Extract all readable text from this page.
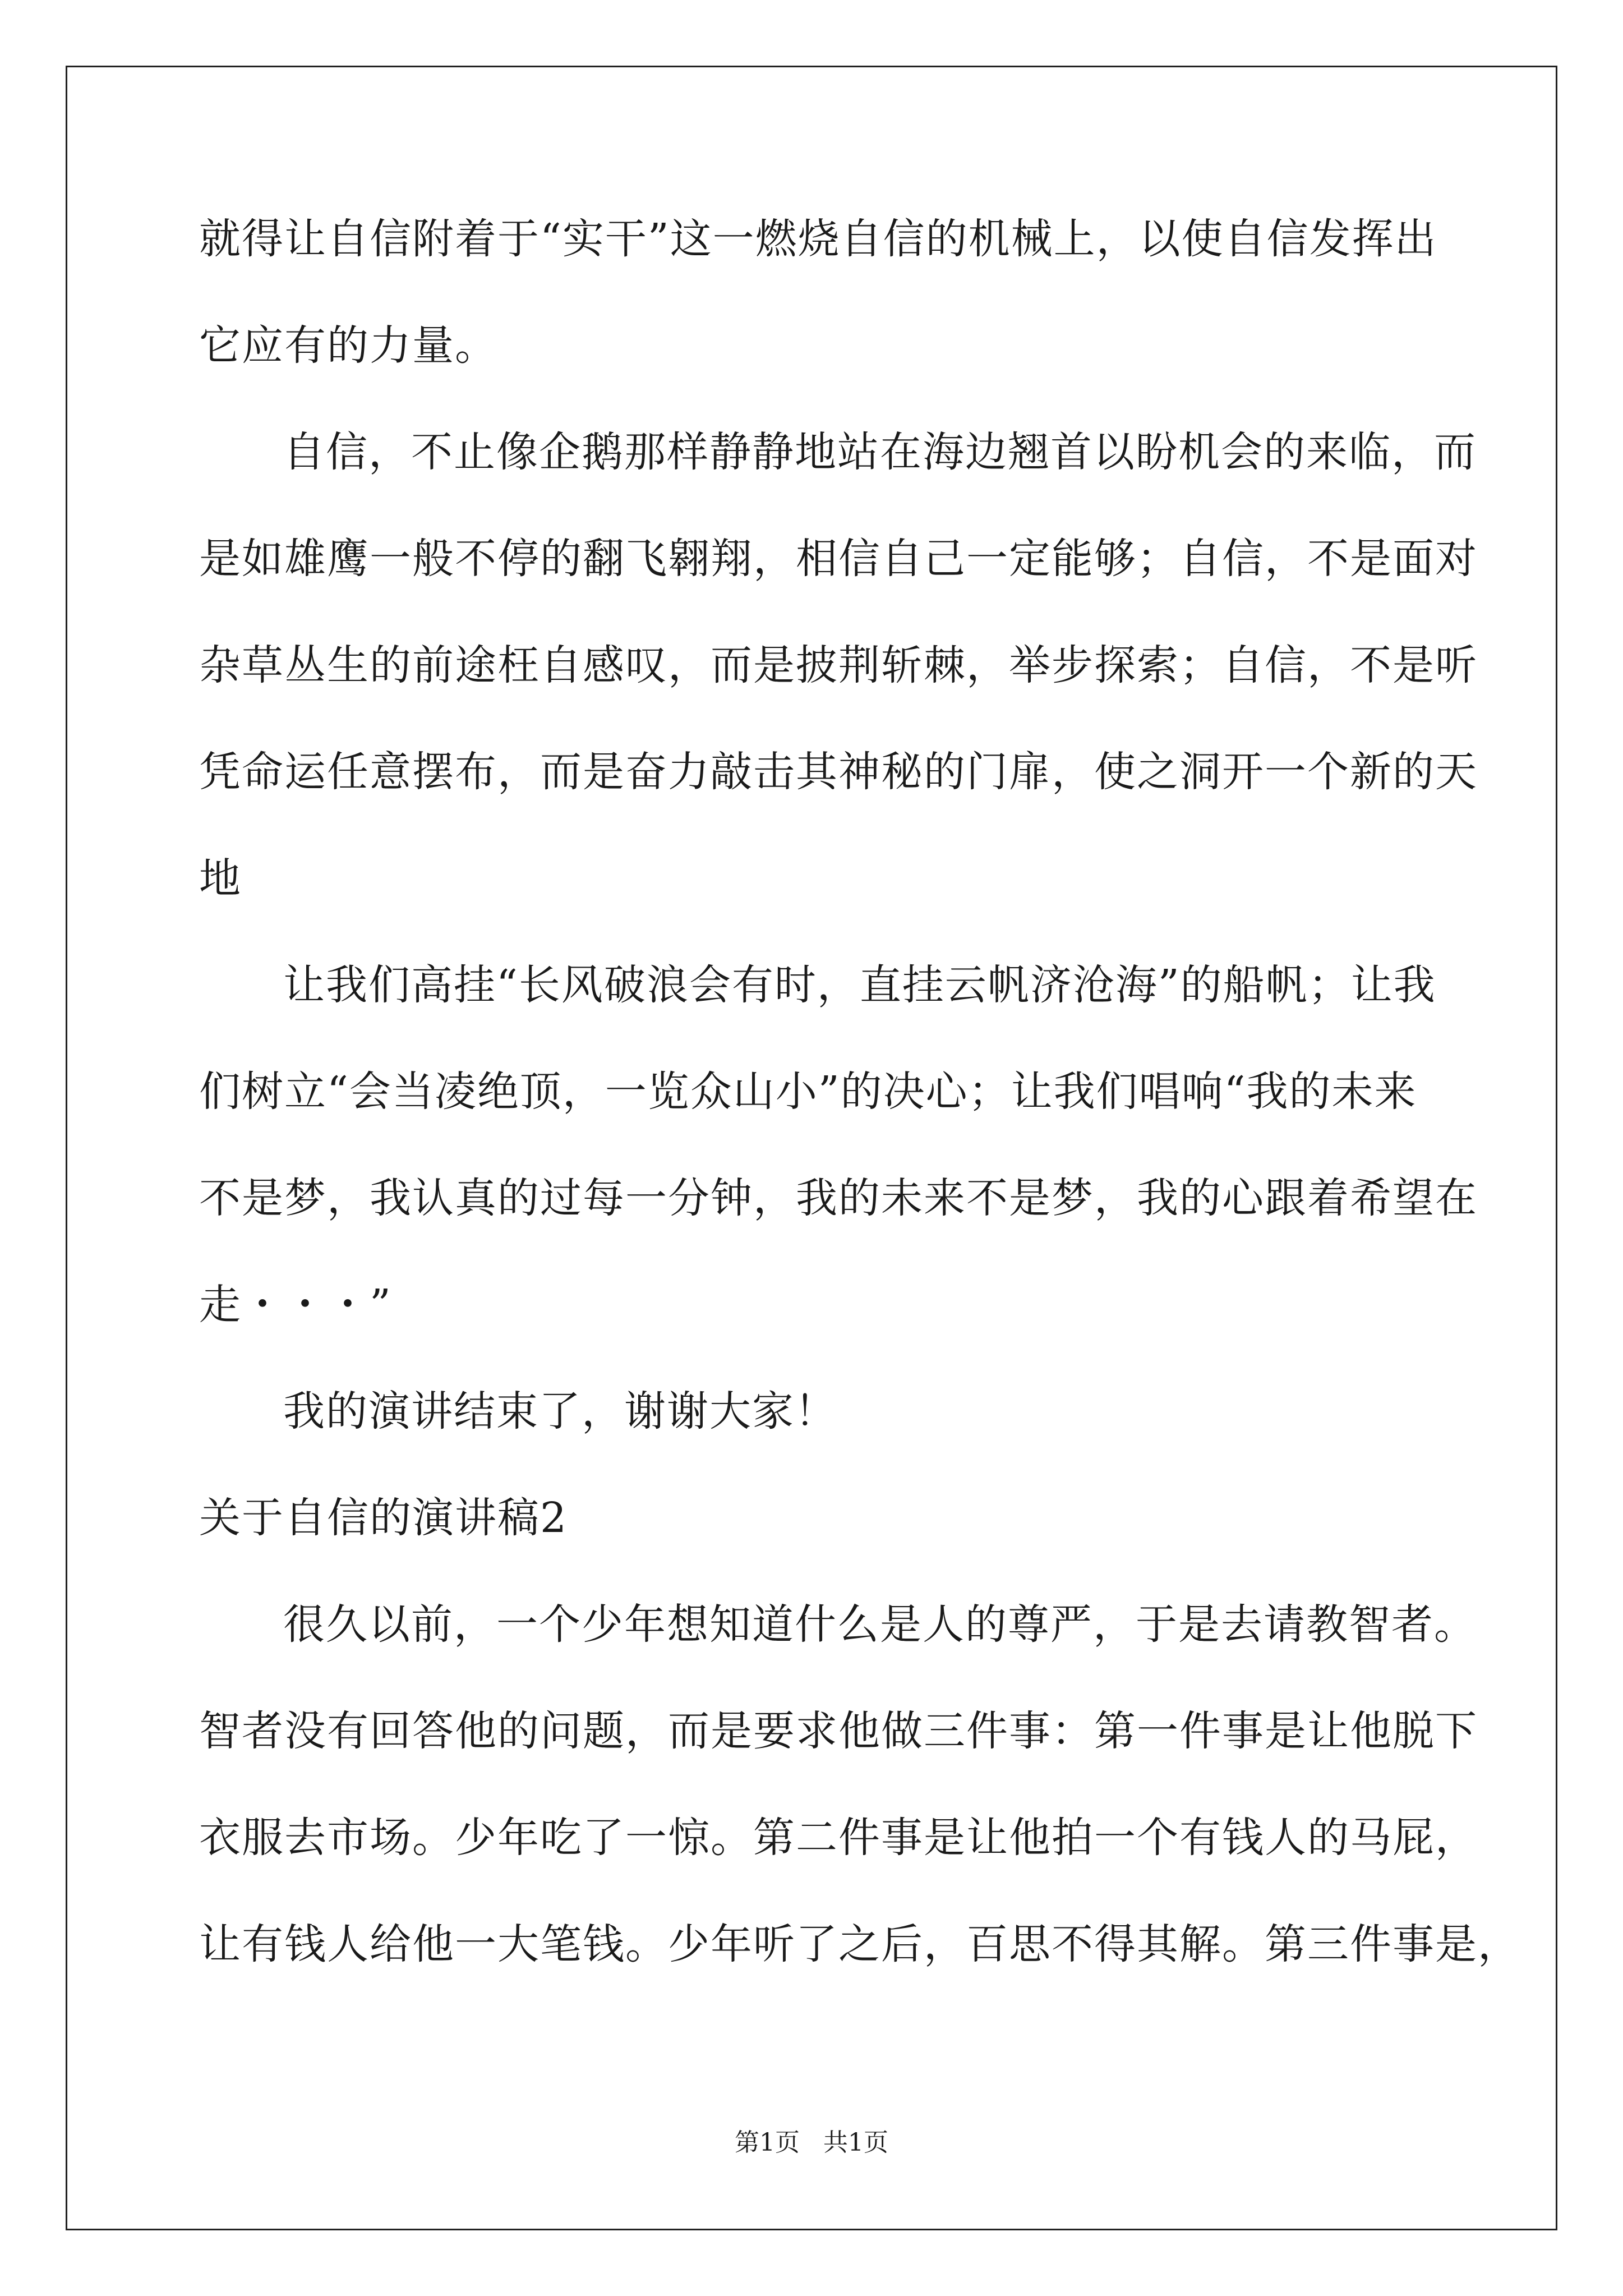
就得让自信附着于“实干”这一燃烧自信的机械上，以使自信发挥出
它应有的力量。
自信，不止像企鹅那样静静地站在海边翘首以盼机会的来临，而
是如雄鹰一般不停的翻飞翱翔，相信自己一定能够；自信，不是面对
杂草丛生的前途枉自感叹，而是披荆斩棘，举步探索；自信，不是听
凭命运任意摆布，而是奋力敲击其神秘的门扉，使之洞开一个新的天
地
让我们高挂“长风破浪会有时，直挂云帆济沧海”的船帆；让我
们树立“会当凌绝顶，一览众山小”的决心；让我们唱响“我的未来
不是梦，我认真的过每一分钟，我的未来不是梦，我的心跟着希望在
走・・・”
我的演讲结束了，谢谢大家！
关于自信的演讲稿2
很久以前，一个少年想知道什么是人的尊严，于是去请教智者。
智者没有回答他的问题，而是要求他做三件事：第一件事是让他脱下
衣服去市场。少年吃了一惊。第二件事是让他拍一个有钱人的马屁，
让有钱人给他一大笔钱。少年听了之后，百思不得其解。第三件事是，
第1页   共1页
